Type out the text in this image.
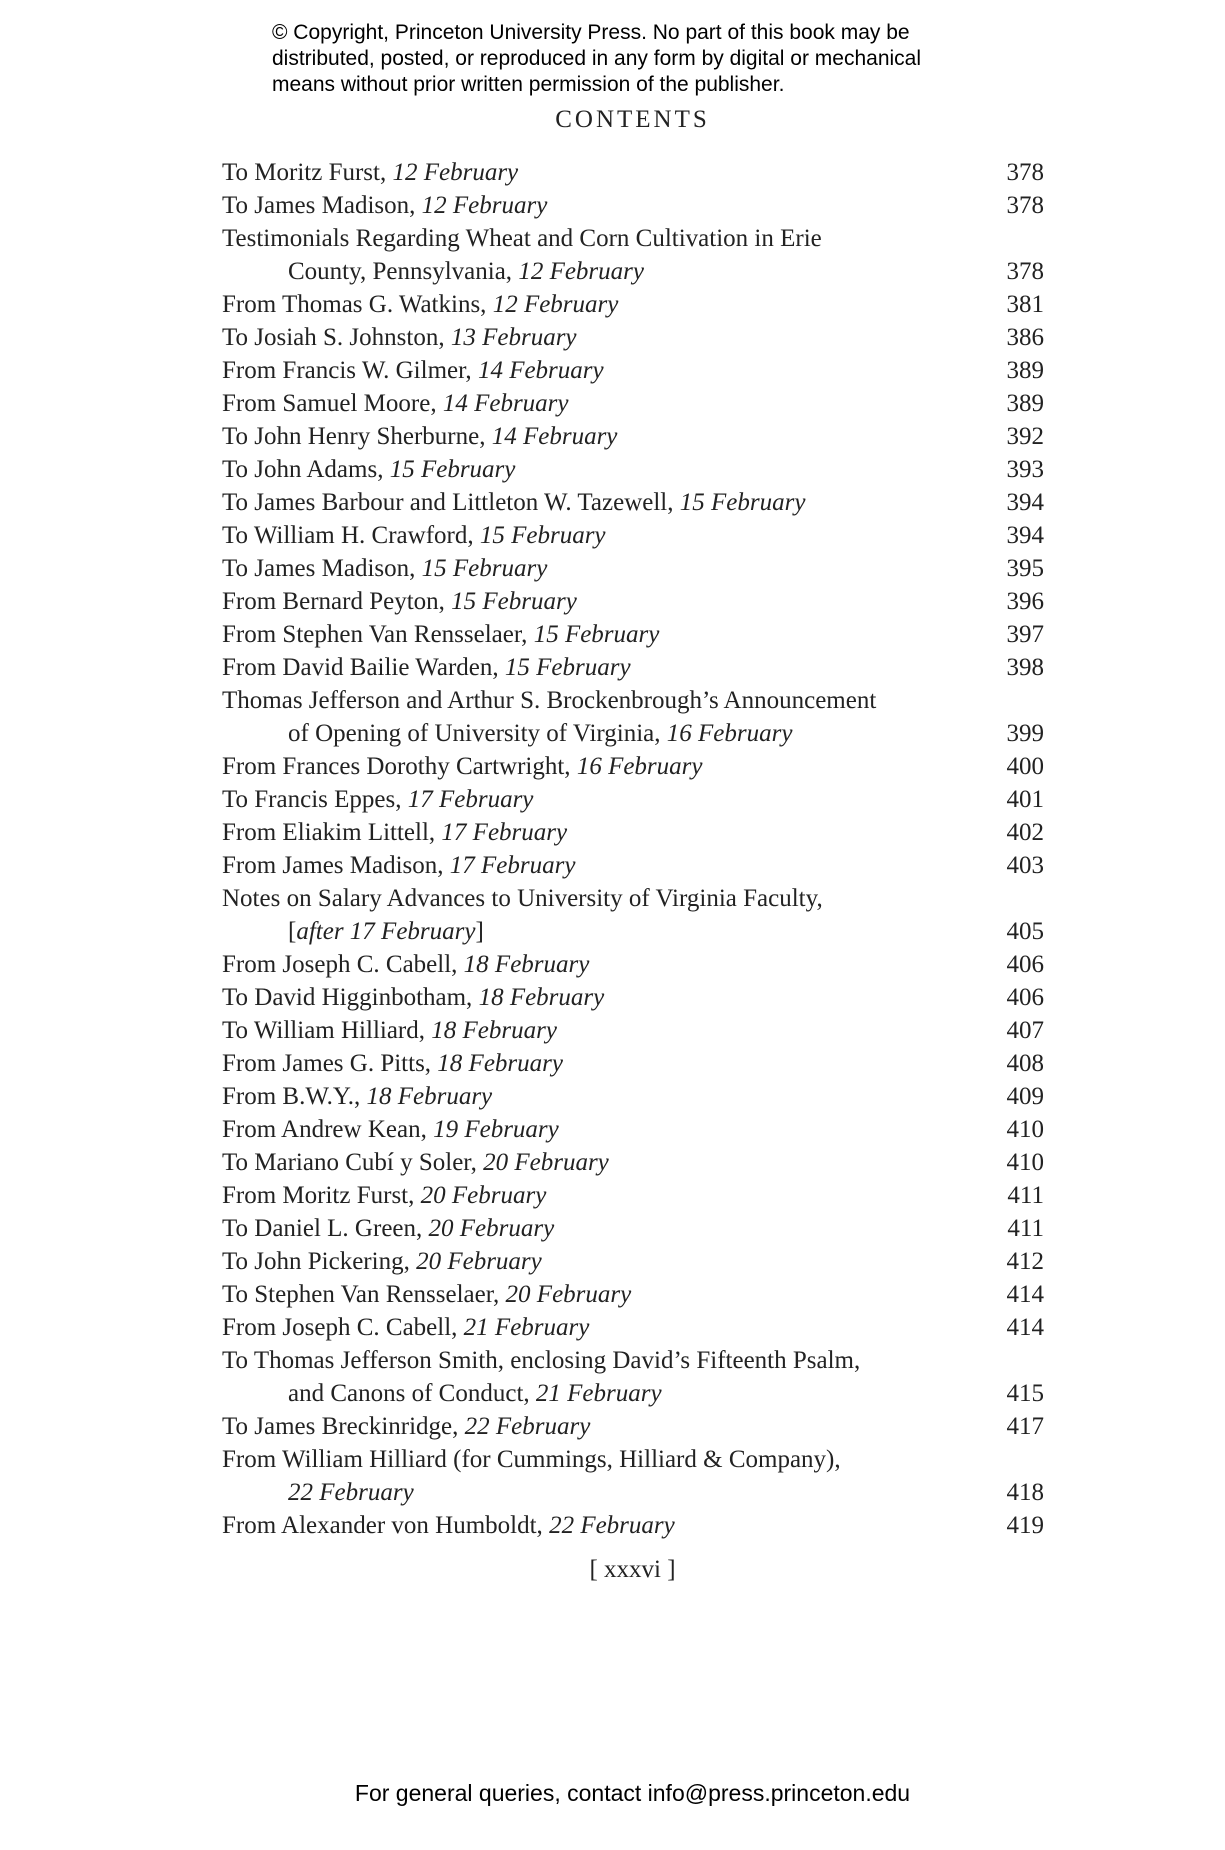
© Copyright, Princeton University Press. No part of this book may be
distributed, posted, or reproduced in any form by digital or mechanical
means without prior written permission of the publisher.
CONTENTS
To Moritz Furst, 12 February	378
To James Madison, 12 February	378
Testimonials Regarding Wheat and Corn Cultivation in Erie
County, Pennsylvania, 12 February	378
From Thomas G. Watkins, 12 February	381
To Josiah S. Johnston, 13 February	386
From Francis W. Gilmer, 14 February	389
From Samuel Moore, 14 February	389
To John Henry Sherburne, 14 February	392
To John Adams, 15 February	393
To James Barbour and Littleton W. Tazewell, 15 February	394
To William H. Crawford, 15 February	394
To James Madison, 15 February	395
From Bernard Peyton, 15 February	396
From Stephen Van Rensselaer, 15 February	397
From David Bailie Warden, 15 February	398
Thomas Jefferson and Arthur S. Brockenbrough’s Announcement
of Opening of University of Virginia, 16 February	399
From Frances Dorothy Cartwright, 16 February	400
To Francis Eppes, 17 February	401
From Eliakim Littell, 17 February	402
From James Madison, 17 February	403
Notes on Salary Advances to University of Virginia Faculty,
[after 17 February]	405
From Joseph C. Cabell, 18 February	406
To David Higginbotham, 18 February	406
To William Hilliard, 18 February	407
From James G. Pitts, 18 February	408
From B.W.Y., 18 February	409
From Andrew Kean, 19 February	410
To Mariano Cubí y Soler, 20 February	410
From Moritz Furst, 20 February	411
To Daniel L. Green, 20 February	411
To John Pickering, 20 February	412
To Stephen Van Rensselaer, 20 February	414
From Joseph C. Cabell, 21 February	414
To Thomas Jefferson Smith, enclosing David’s Fifteenth Psalm,
and Canons of Conduct, 21 February	415
To James Breckinridge, 22 February	417
From William Hilliard (for Cummings, Hilliard & Company),
22 February	418
From Alexander von Humboldt, 22 February	419
[ xxxvi ]
For general queries, contact info@press.princeton.edu
